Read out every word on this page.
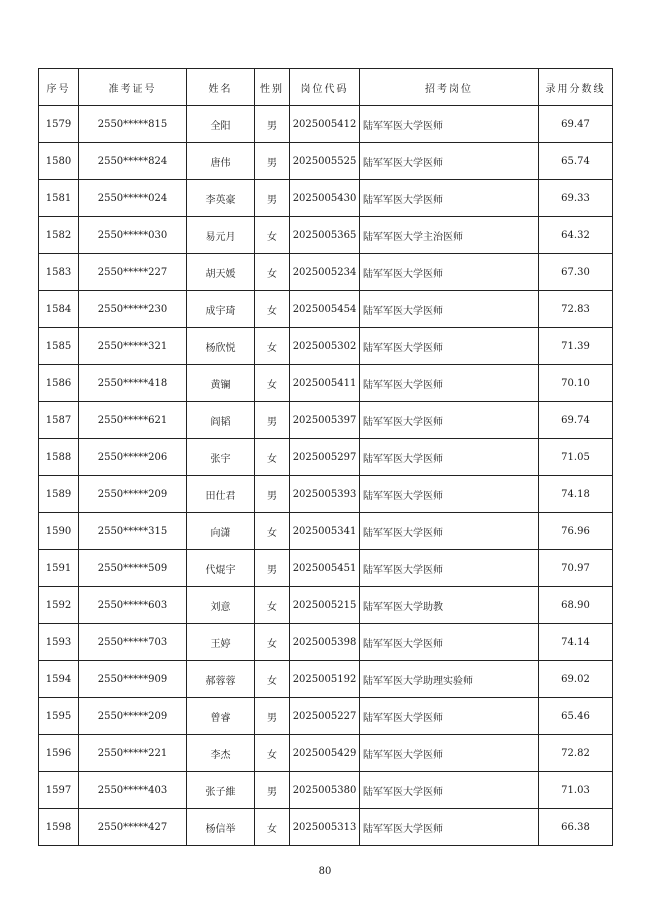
序号	准考证号	姓名	性别	岗位代码	招考岗位	录用分数线
1579	2550*****815	全阳	男	2025005412	陆军军医大学医师	69.47
1580	2550*****824	唐伟	男	2025005525	陆军军医大学医师	65.74
1581	2550*****024	李英豪	男	2025005430	陆军军医大学医师	69.33
1582	2550*****030	易元月	女	2025005365	陆军军医大学主治医师	64.32
1583	2550*****227	胡天媛	女	2025005234	陆军军医大学医师	67.30
1584	2550*****230	成宇琦	女	2025005454	陆军军医大学医师	72.83
1585	2550*****321	杨欣悦	女	2025005302	陆军军医大学医师	71.39
1586	2550*****418	黄镧	女	2025005411	陆军军医大学医师	70.10
1587	2550*****621	阎韬	男	2025005397	陆军军医大学医师	69.74
1588	2550*****206	张宇	女	2025005297	陆军军医大学医师	71.05
1589	2550*****209	田仕君	男	2025005393	陆军军医大学医师	74.18
1590	2550*****315	向潇	女	2025005341	陆军军医大学医师	76.96
1591	2550*****509	代焜宇	男	2025005451	陆军军医大学医师	70.97
1592	2550*****603	刘意	女	2025005215	陆军军医大学助教	68.90
1593	2550*****703	王婷	女	2025005398	陆军军医大学医师	74.14
1594	2550*****909	郝蓉蓉	女	2025005192	陆军军医大学助理实验师	69.02
1595	2550*****209	曾睿	男	2025005227	陆军军医大学医师	65.46
1596	2550*****221	李杰	女	2025005429	陆军军医大学医师	72.82
1597	2550*****403	张子維	男	2025005380	陆军军医大学医师	71.03
1598	2550*****427	杨信举	女	2025005313	陆军军医大学医师	66.38
80
